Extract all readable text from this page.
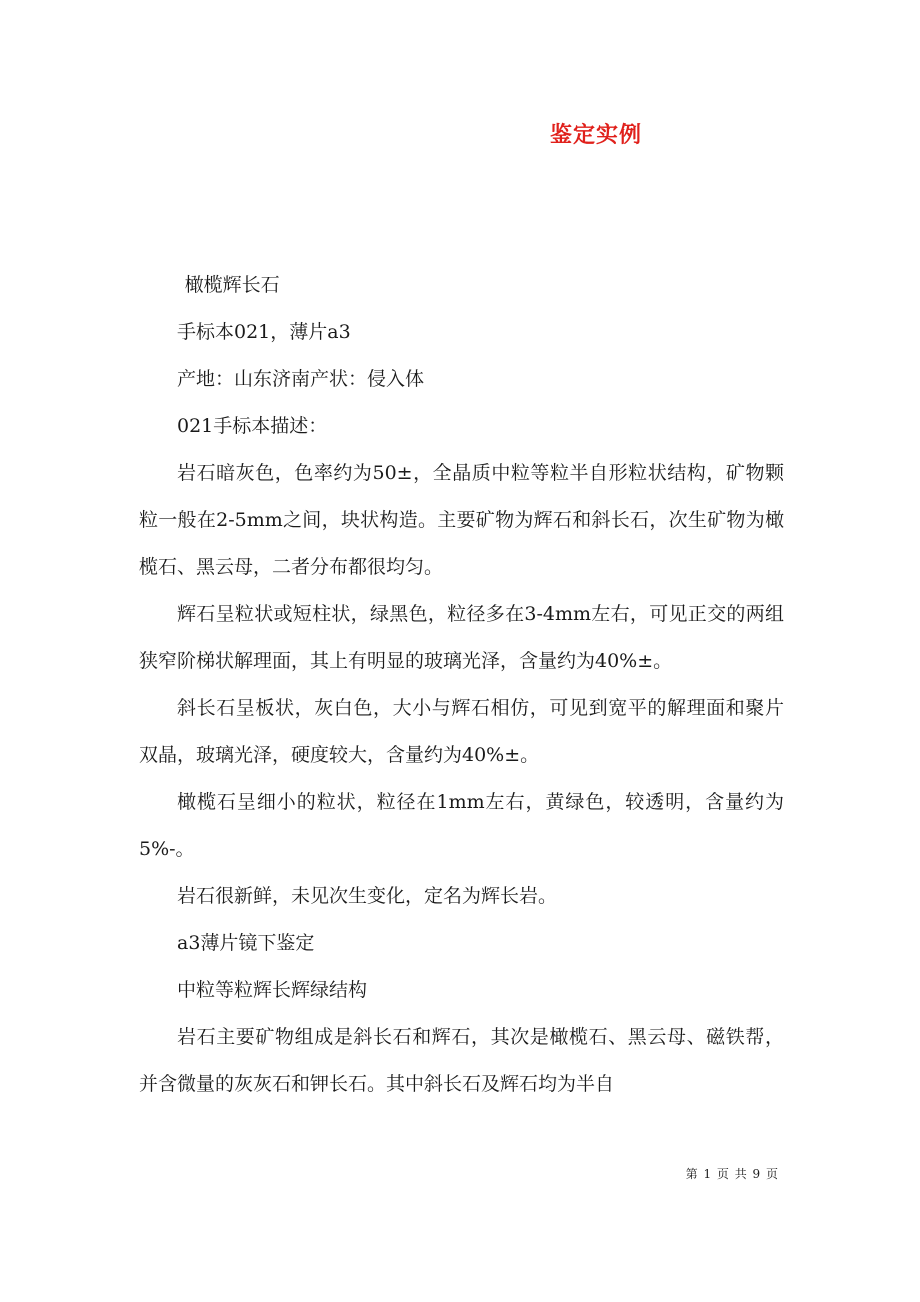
鉴定实例

橄榄辉长石

手标本021，薄片a3

产地：山东济南产状：侵入体

021手标本描述：

岩石暗灰色，色率约为50±，全晶质中粒等粒半自形粒状结构，矿物颗粒一般在2-5mm之间，块状构造。主要矿物为辉石和斜长石，次生矿物为橄榄石、黑云母，二者分布都很均匀。

辉石呈粒状或短柱状，绿黑色，粒径多在3-4mm左右，可见正交的两组狭窄阶梯状解理面，其上有明显的玻璃光泽，含量约为40%±。

斜长石呈板状，灰白色，大小与辉石相仿，可见到宽平的解理面和聚片双晶，玻璃光泽，硬度较大，含量约为40%±。

橄榄石呈细小的粒状，粒径在1mm左右，黄绿色，较透明，含量约为5%-。

岩石很新鲜，未见次生变化，定名为辉长岩。

a3薄片镜下鉴定

中粒等粒辉长辉绿结构

岩石主要矿物组成是斜长石和辉石，其次是橄榄石、黑云母、磁铁帮，并含微量的灰灰石和钾长石。其中斜长石及辉石均为半自

第 1 页 共 9 页
